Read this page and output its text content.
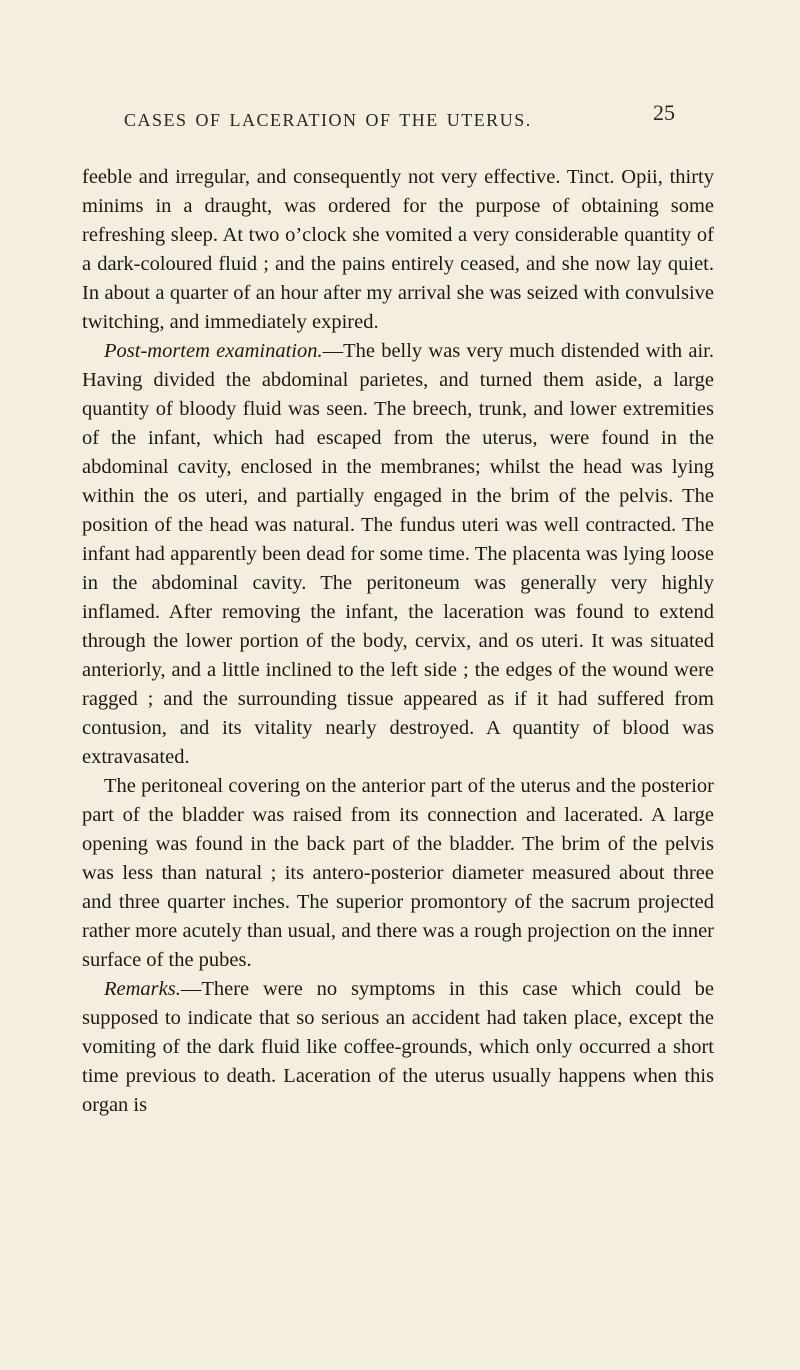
CASES OF LACERATION OF THE UTERUS.	25

feeble and irregular, and consequently not very effective. Tinct. Opii, thirty minims in a draught, was ordered for the purpose of obtaining some refreshing sleep. At two o’clock she vomited a very considerable quantity of a dark-coloured fluid ; and the pains entirely ceased, and she now lay quiet. In about a quarter of an hour after my arrival she was seized with convulsive twitching, and immediately expired.

Post-mortem examination.—The belly was very much distended with air. Having divided the abdominal parietes, and turned them aside, a large quantity of bloody fluid was seen. The breech, trunk, and lower extremities of the infant, which had escaped from the uterus, were found in the abdominal cavity, enclosed in the membranes; whilst the head was lying within the os uteri, and partially engaged in the brim of the pelvis. The position of the head was natural. The fundus uteri was well contracted. The infant had apparently been dead for some time. The placenta was lying loose in the abdominal cavity. The peritoneum was generally very highly inflamed. After removing the infant, the laceration was found to extend through the lower portion of the body, cervix, and os uteri. It was situated anteriorly, and a little inclined to the left side ; the edges of the wound were ragged ; and the surrounding tissue appeared as if it had suffered from contusion, and its vitality nearly destroyed. A quantity of blood was extravasated.

The peritoneal covering on the anterior part of the uterus and the posterior part of the bladder was raised from its connection and lacerated. A large opening was found in the back part of the bladder. The brim of the pelvis was less than natural ; its antero-posterior diameter measured about three and three quarter inches. The superior promontory of the sacrum projected rather more acutely than usual, and there was a rough projection on the inner surface of the pubes.

Remarks.—There were no symptoms in this case which could be supposed to indicate that so serious an accident had taken place, except the vomiting of the dark fluid like coffee-grounds, which only occurred a short time previous to death. Laceration of the uterus usually happens when this organ is
